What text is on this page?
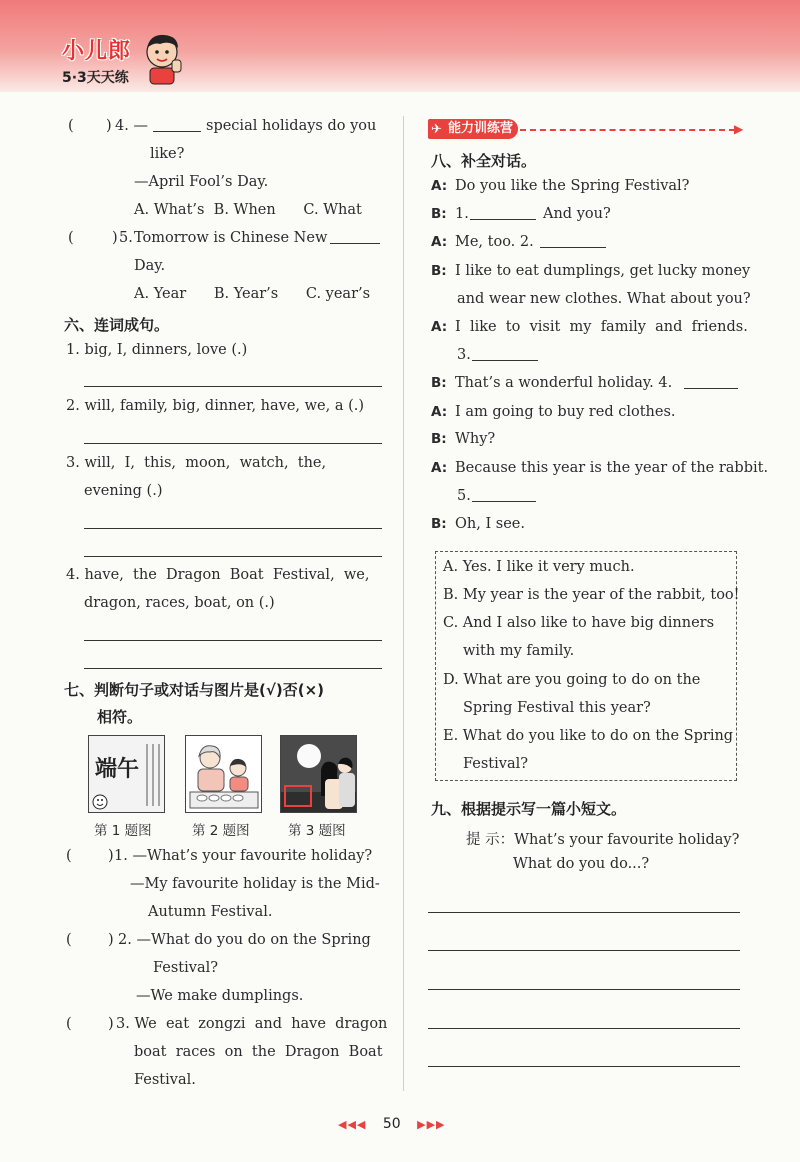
小儿郎
5·3天天练
( ) 4. —	special holidays do you
like?
—April Fool’s Day.
A. What’s  B. When      C. What
(	) 5. Tomorrow is Chinese New
Day.
A. Year      B. Year’s      C. year’s
六、连词成句。
1. big, I, dinners, love (.)
2. will, family, big, dinner, have, we, a (.)
3. will,  I,  this,  moon,  watch,  the,
evening (.)
4. have,  the  Dragon  Boat  Festival,  we,
dragon, races, boat, on (.)
七、判断句子或对话与图片是(√)否(×)
相符。
端午
第 1 题图	第 2 题图	第 3 题图
(	) 1. —What’s your favourite holiday?
—My favourite holiday is the Mid-
Autumn Festival.
(	) 2. —What do you do on the Spring
Festival?
—We make dumplings.
(	) 3. We  eat  zongzi  and  have  dragon
boat  races  on  the  Dragon  Boat
Festival.
✈ 能力训练营	▶
八、补全对话。
A: Do you like the Spring Festival?
B: 1.
A: Me, too. 2.
B: I like to eat dumplings, get lucky money
and wear new clothes. What about you?
A: I  like  to  visit  my  family  and  friends.
3.
B: That’s a wonderful holiday. 4.
A: I am going to buy red clothes.
B: Why?
A: Because this year is the year of the rabbit.
5.
B: Oh, I see.
And you?
A. Yes. I like it very much.
B. My year is the year of the rabbit, too!
C. And I also like to have big dinners
with my family.
D. What are you going to do on the
Spring Festival this year?
E. What do you like to do on the Spring
Festival?
九、根据提示写一篇小短文。
提 示：What’s your favourite holiday?
What do you do...?
◀◀◀ 50 ▶▶▶
